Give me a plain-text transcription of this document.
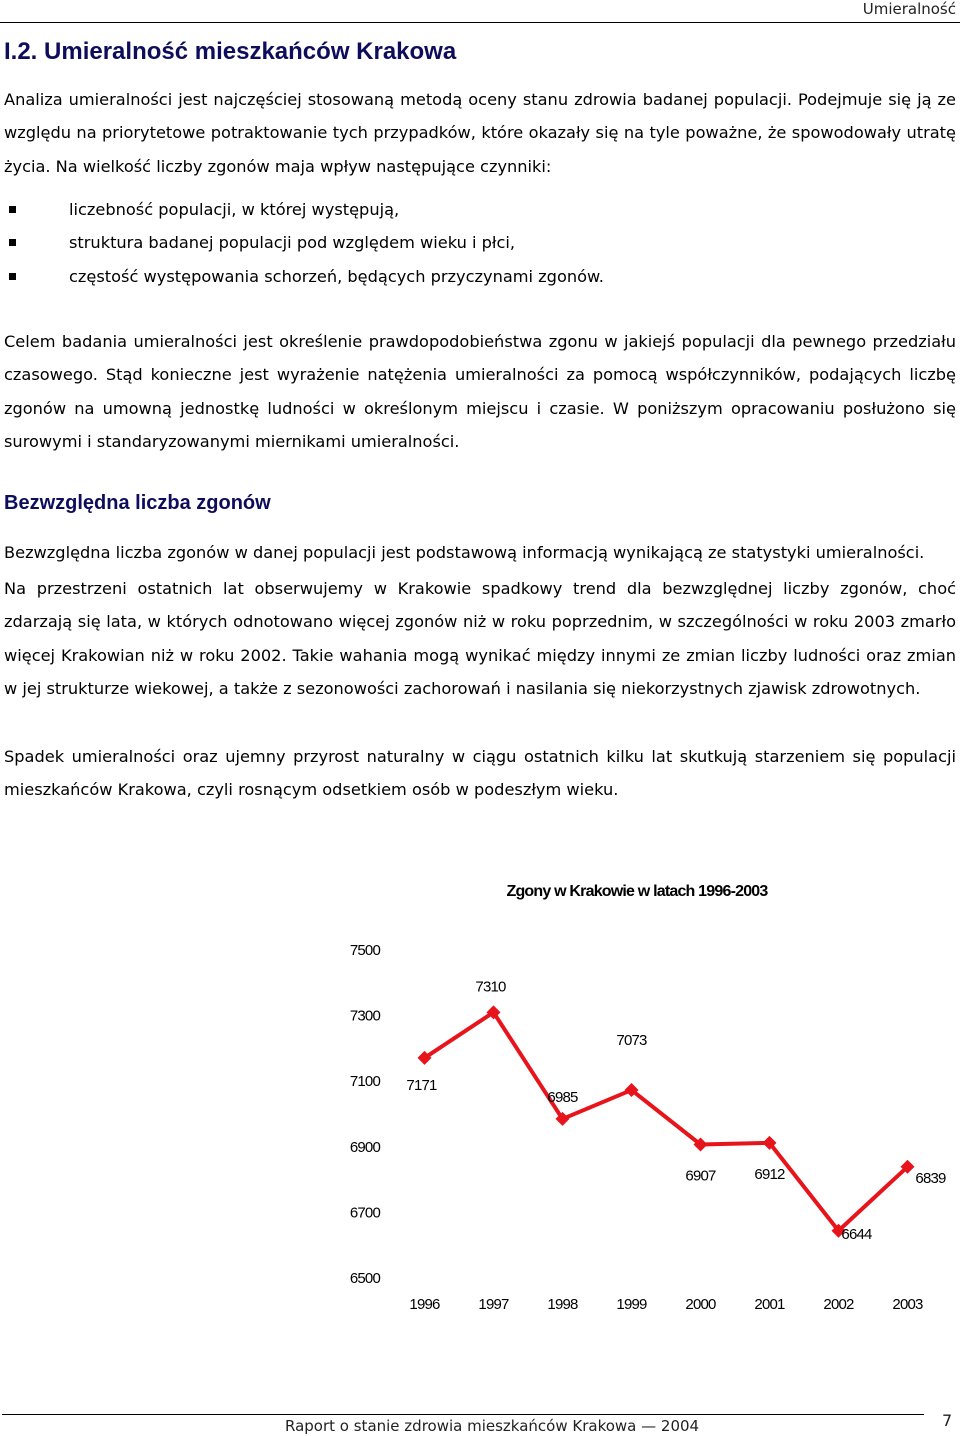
Umieralność
I.2. Umieralność mieszkańców Krakowa

Analiza umieralności jest najczęściej stosowaną metodą oceny stanu zdrowia badanej populacji. Podejmuje się ją ze względu na priorytetowe potraktowanie tych przypadków, które okazały się na tyle poważne, że spowodowały utratę życia. Na wielkość liczby zgonów maja wpływ następujące czynniki:

liczebność populacji, w której występują,
struktura badanej populacji pod względem wieku i płci,
częstość występowania schorzeń, będących przyczynami zgonów.

Celem badania umieralności jest określenie prawdopodobieństwa zgonu w jakiejś populacji dla pewnego przedziału czasowego. Stąd konieczne jest wyrażenie natężenia umieralności za pomocą współczynników, podających liczbę zgonów na umowną jednostkę ludności w określonym miejscu i czasie. W poniższym opracowaniu posłużono się surowymi i standaryzowanymi miernikami umieralności.

Bezwzględna liczba zgonów

Bezwzględna liczba zgonów w danej populacji jest podstawową informacją wynikającą ze statystyki umieralności.

Na przestrzeni ostatnich lat obserwujemy w Krakowie spadkowy trend dla bezwzględnej liczby zgonów, choć zdarzają się lata, w których odnotowano więcej zgonów niż w roku poprzednim, w szczególności w roku 2003 zmarło więcej Krakowian niż w roku 2002. Takie wahania mogą wynikać między innymi ze zmian liczby ludności oraz zmian w jej strukturze wiekowej, a także z sezonowości zachorowań i nasilania się niekorzystnych zjawisk zdrowotnych.

Spadek umieralności oraz ujemny przyrost naturalny w ciągu ostatnich kilku lat skutkują starzeniem się populacji mieszkańców Krakowa, czyli rosnącym odsetkiem osób w podeszłym wieku.

Zgony w Krakowie w latach 1996-2003
6500
6700
6900
7100
7300
7500
1996	1997	1998	1999	2000	2001	2002	2003
7171
7310
6985
7073
6907	6912
6644
6839
Raport o stanie zdrowia mieszkańców Krakowa — 2004	7
